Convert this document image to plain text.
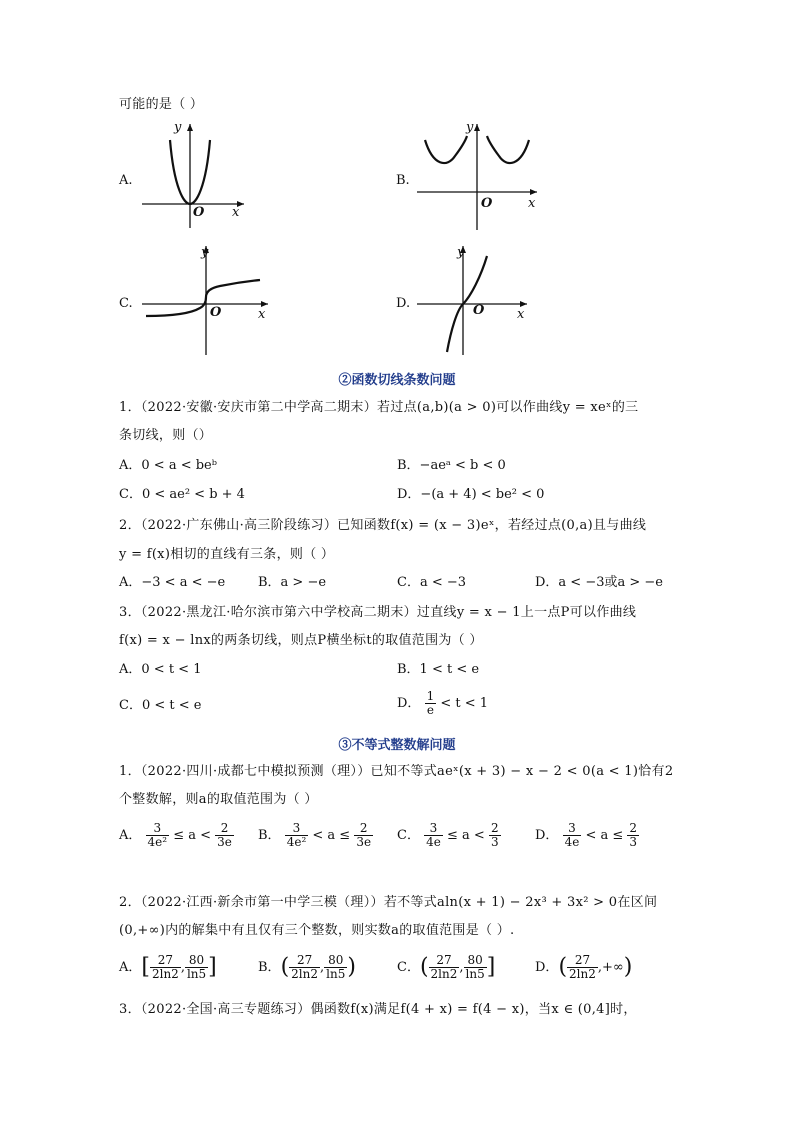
可能的是（ ）
A.
y
O x
B.
y
O	x
C.
y
O	x
D.
y
O	x
②函数切线条数问题
1．（2022·安徽·安庆市第二中学高二期末）若过点(a,b)(a > 0)可以作曲线y = xeˣ的三
条切线，则（）
A．0 < a < beᵇ	B．−aeᵃ < b < 0
C．0 < ae² < b + 4	D．−(a + 4) < be² < 0
2．（2022·广东佛山·高三阶段练习）已知函数f(x) = (x − 3)eˣ，若经过点(0,a)且与曲线
y = f(x)相切的直线有三条，则（ ）
A．−3 < a < −e	B．a > −e	C．a < −3	D．a < −3或a > −e
3．（2022·黑龙江·哈尔滨市第六中学校高二期末）过直线y = x − 1上一点P可以作曲线
f(x) = x − lnx的两条切线，则点P横坐标t的取值范围为（ ）
A．0 < t < 1	B．1 < t < e
C．0 < t < e	D． $\frac{1}{e} < t < 1$
③不等式整数解问题
1．（2022·四川·成都七中模拟预测（理））已知不等式aeˣ(x + 3) − x − 2 < 0(a < 1)恰有2
个整数解，则a的取值范围为（ ）
A． $\frac{3}{\text{4e²}} \le a < \frac{2}{3e}$ B． $\frac{3}{\text{4e²}} < a \le \frac{2}{3e}$ C． $\frac{3}{4e} \le a < \frac{2}{3}$	D． $\frac{3}{4e} < a \le \frac{2}{3}$
2．（2022·江西·新余市第一中学三模（理））若不等式aln(x + 1) − 2x³ + 3x² > 0在区间
(0,+∞)内的解集中有且仅有三个整数，则实数a的取值范围是（ ）.
A．[ $\frac{27}{2\ln 2}$ , $\frac{80}{\ln 5}$ ]	B．( $\frac{27}{2\ln 2}$ , $\frac{80}{\ln 5}$ )	C．( $\frac{27}{2\ln 2}$ , $\frac{80}{\ln 5}$ ]	D．( $\frac{27}{2\ln 2}$ ,+∞)
3．（2022·全国·高三专题练习）偶函数f(x)满足f(4 + x) = f(4 − x)，当x ∈ (0,4]时，
